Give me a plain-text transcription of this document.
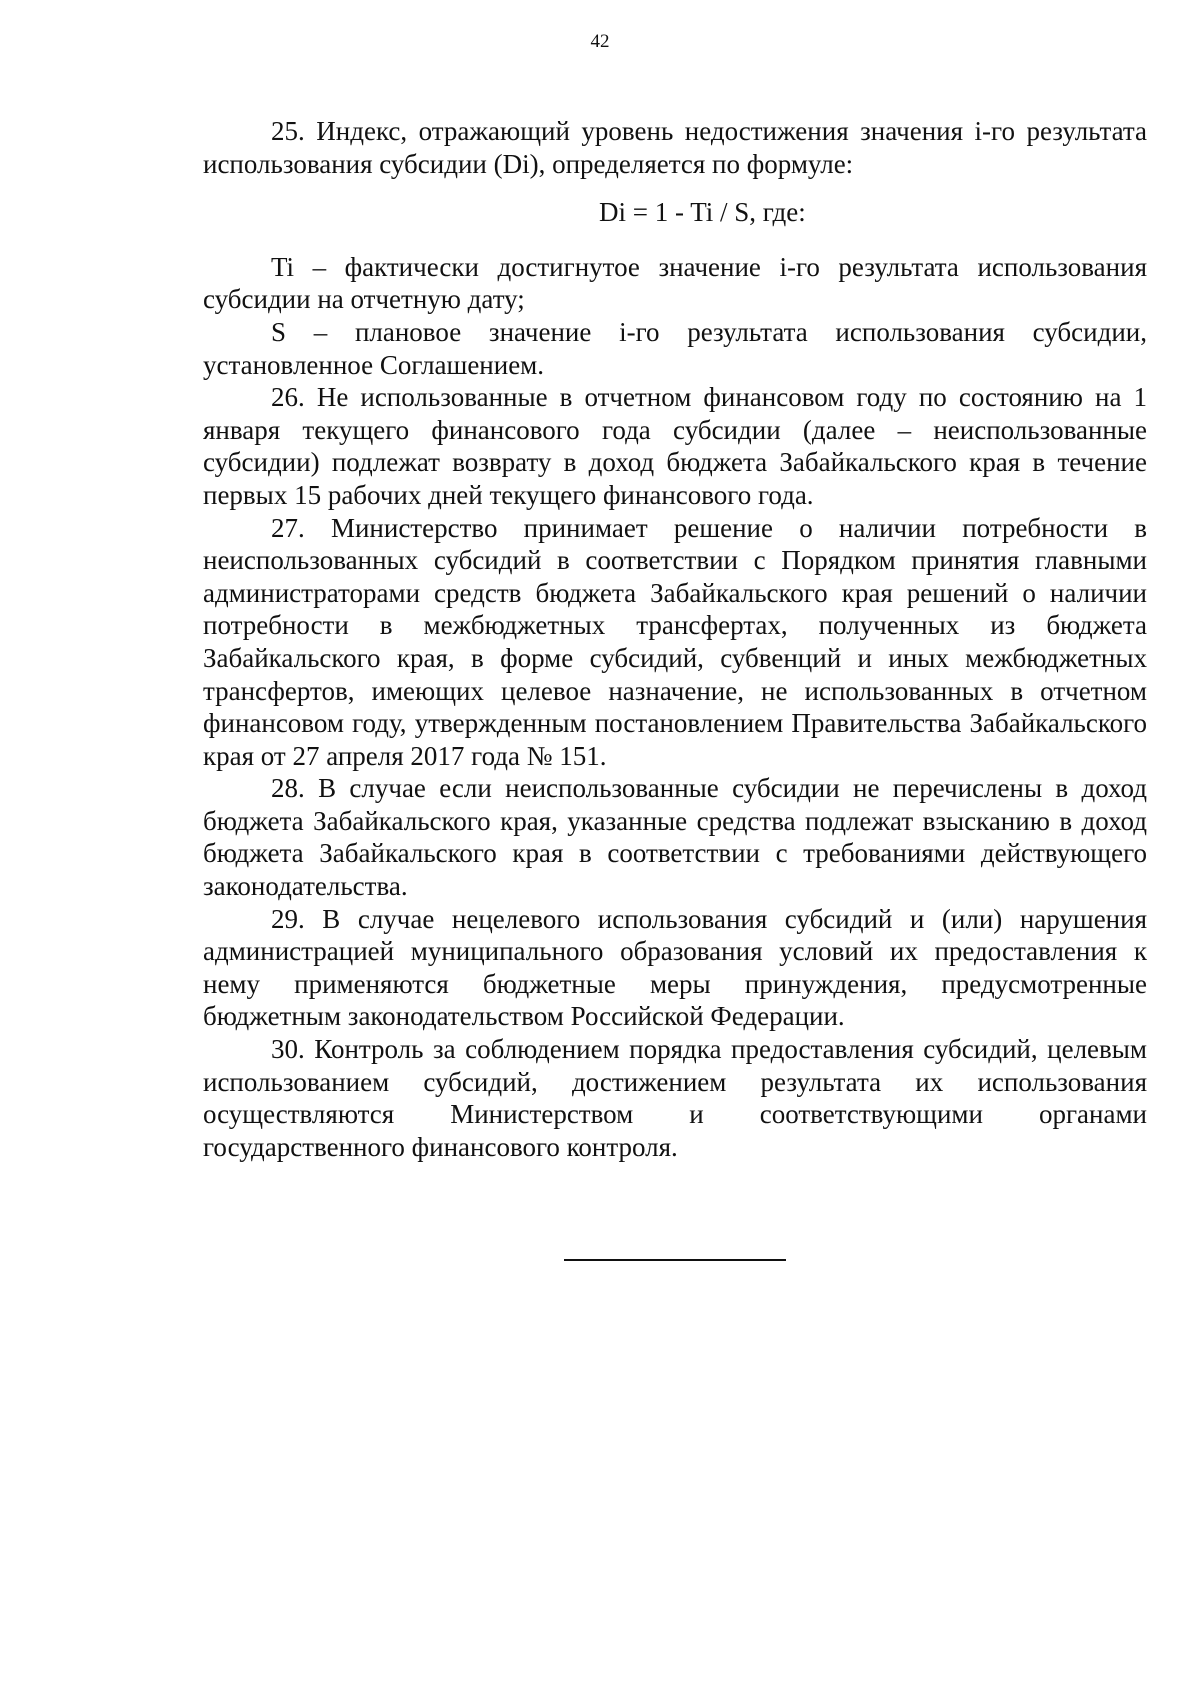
42

25. Индекс, отражающий уровень недостижения значения i-го результата использования субсидии (Di), определяется по формуле:

Di = 1 - Ti / S, где:

Ti – фактически достигнутое значение i-го результата использования субсидии на отчетную дату;

S – плановое значение i-го результата использования субсидии, установленное Соглашением.

26. Не использованные в отчетном финансовом году по состоянию на 1 января текущего финансового года субсидии (далее – неиспользованные субсидии) подлежат возврату в доход бюджета Забайкальского края в течение первых 15 рабочих дней текущего финансового года.

27. Министерство принимает решение о наличии потребности в неиспользованных субсидий в соответствии с Порядком принятия главными администраторами средств бюджета Забайкальского края решений о наличии потребности в межбюджетных трансфертах, полученных из бюджета Забайкальского края, в форме субсидий, субвенций и иных межбюджетных трансфертов, имеющих целевое назначение, не использованных в отчетном финансовом году, утвержденным постановлением Правительства Забайкальского края от 27 апреля 2017 года № 151.

28. В случае если неиспользованные субсидии не перечислены в доход бюджета Забайкальского края, указанные средства подлежат взысканию в доход бюджета Забайкальского края в соответствии с требованиями действующего законодательства.

29. В случае нецелевого использования субсидий и (или) нарушения администрацией муниципального образования условий их предоставления к нему применяются бюджетные меры принуждения, предусмотренные бюджетным законодательством Российской Федерации.

30. Контроль за соблюдением порядка предоставления субсидий, целевым использованием субсидий, достижением результата их использования осуществляются Министерством и соответствующими органами государственного финансового контроля.
